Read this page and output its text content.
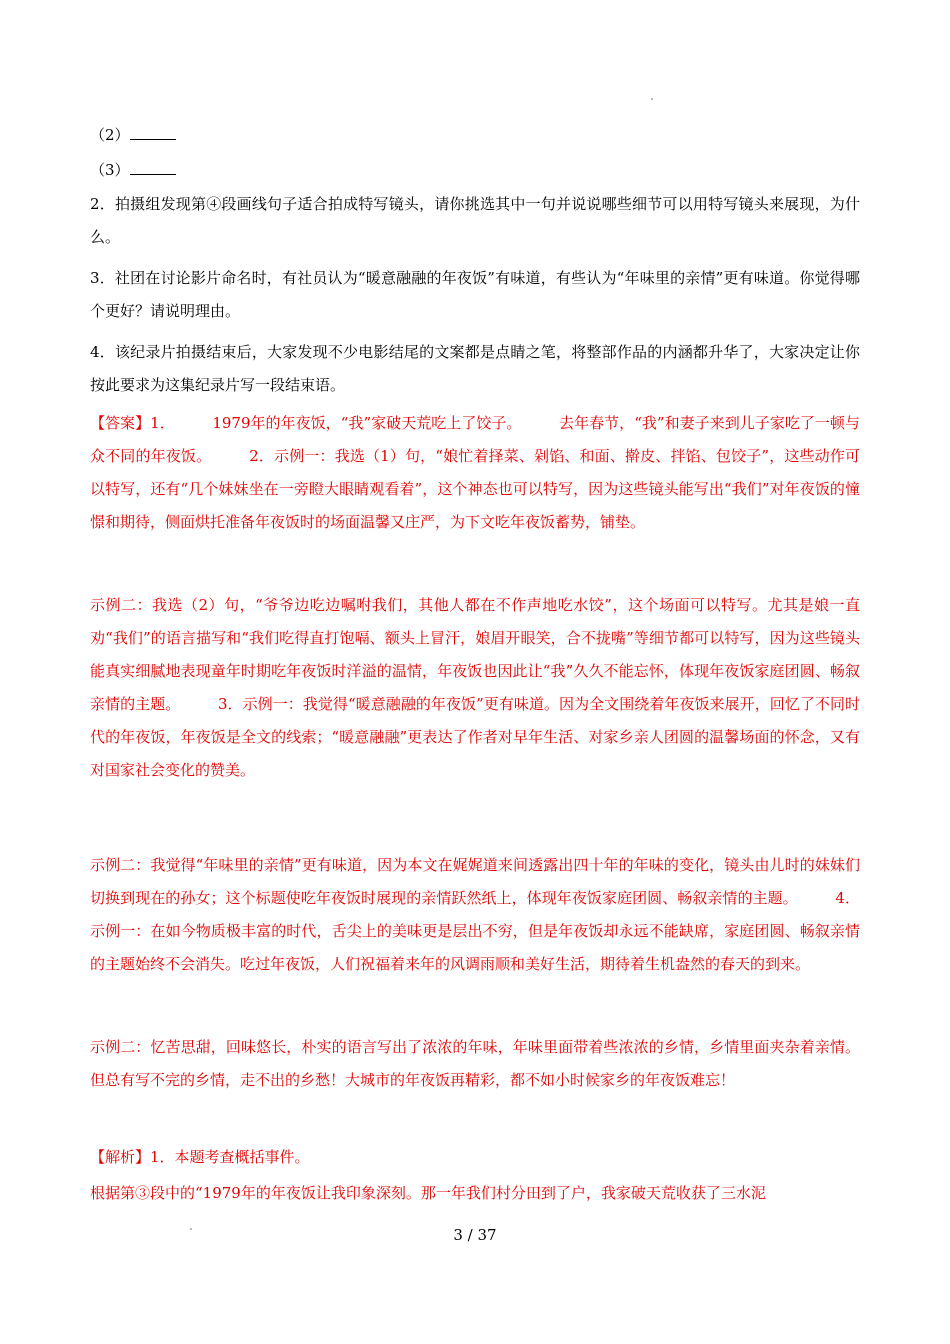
（2）

（3）

2．拍摄组发现第④段画线句子适合拍成特写镜头，请你挑选其中一句并说说哪些细节可以用特写镜头来展现，为什么。

3．社团在讨论影片命名时，有社员认为“暖意融融的年夜饭”有味道，有些认为“年味里的亲情”更有味道。你觉得哪个更好？请说明理由。

4．该纪录片拍摄结束后，大家发现不少电影结尾的文案都是点睛之笔，将整部作品的内涵都升华了，大家决定让你按此要求为这集纪录片写一段结束语。

【答案】1．　　　1979年的年夜饭，“我”家破天荒吃上了饺子。　　　去年春节，“我”和妻子来到儿子家吃了一顿与众不同的年夜饭。　　　2．示例一：我选（1）句，“娘忙着择菜、剁馅、和面、擀皮、拌馅、包饺子”，这些动作可以特写，还有“几个妹妹坐在一旁瞪大眼睛观看着”，这个神态也可以特写，因为这些镜头能写出“我们”对年夜饭的憧憬和期待，侧面烘托准备年夜饭时的场面温馨又庄严，为下文吃年夜饭蓄势，铺垫。

示例二：我选（2）句，“爷爷边吃边嘱咐我们，其他人都在不作声地吃水饺”，这个场面可以特写。尤其是娘一直劝“我们”的语言描写和“我们吃得直打饱嗝、额头上冒汗，娘眉开眼笑，合不拢嘴”等细节都可以特写，因为这些镜头能真实细腻地表现童年时期吃年夜饭时洋溢的温情，年夜饭也因此让“我”久久不能忘怀，体现年夜饭家庭团圆、畅叙亲情的主题。　　　3．示例一：我觉得“暖意融融的年夜饭”更有味道。因为全文围绕着年夜饭来展开，回忆了不同时代的年夜饭，年夜饭是全文的线索；“暖意融融”更表达了作者对早年生活、对家乡亲人团圆的温馨场面的怀念，又有对国家社会变化的赞美。

示例二：我觉得“年味里的亲情”更有味道，因为本文在娓娓道来间透露出四十年的年味的变化，镜头由儿时的妹妹们切换到现在的孙女；这个标题使吃年夜饭时展现的亲情跃然纸上，体现年夜饭家庭团圆、畅叙亲情的主题。　　　4．示例一：在如今物质极丰富的时代，舌尖上的美味更是层出不穷，但是年夜饭却永远不能缺席，家庭团圆、畅叙亲情的主题始终不会消失。吃过年夜饭，人们祝福着来年的风调雨顺和美好生活，期待着生机盎然的春天的到来。

示例二：忆苦思甜，回味悠长，朴实的语言写出了浓浓的年味，年味里面带着些浓浓的乡情，乡情里面夹杂着亲情。但总有写不完的乡情，走不出的乡愁！大城市的年夜饭再精彩，都不如小时候家乡的年夜饭难忘！

【解析】1．本题考查概括事件。

根据第③段中的“1979年的年夜饭让我印象深刻。那一年我们村分田到了户，我家破天荒收获了三水泥

3 / 37
